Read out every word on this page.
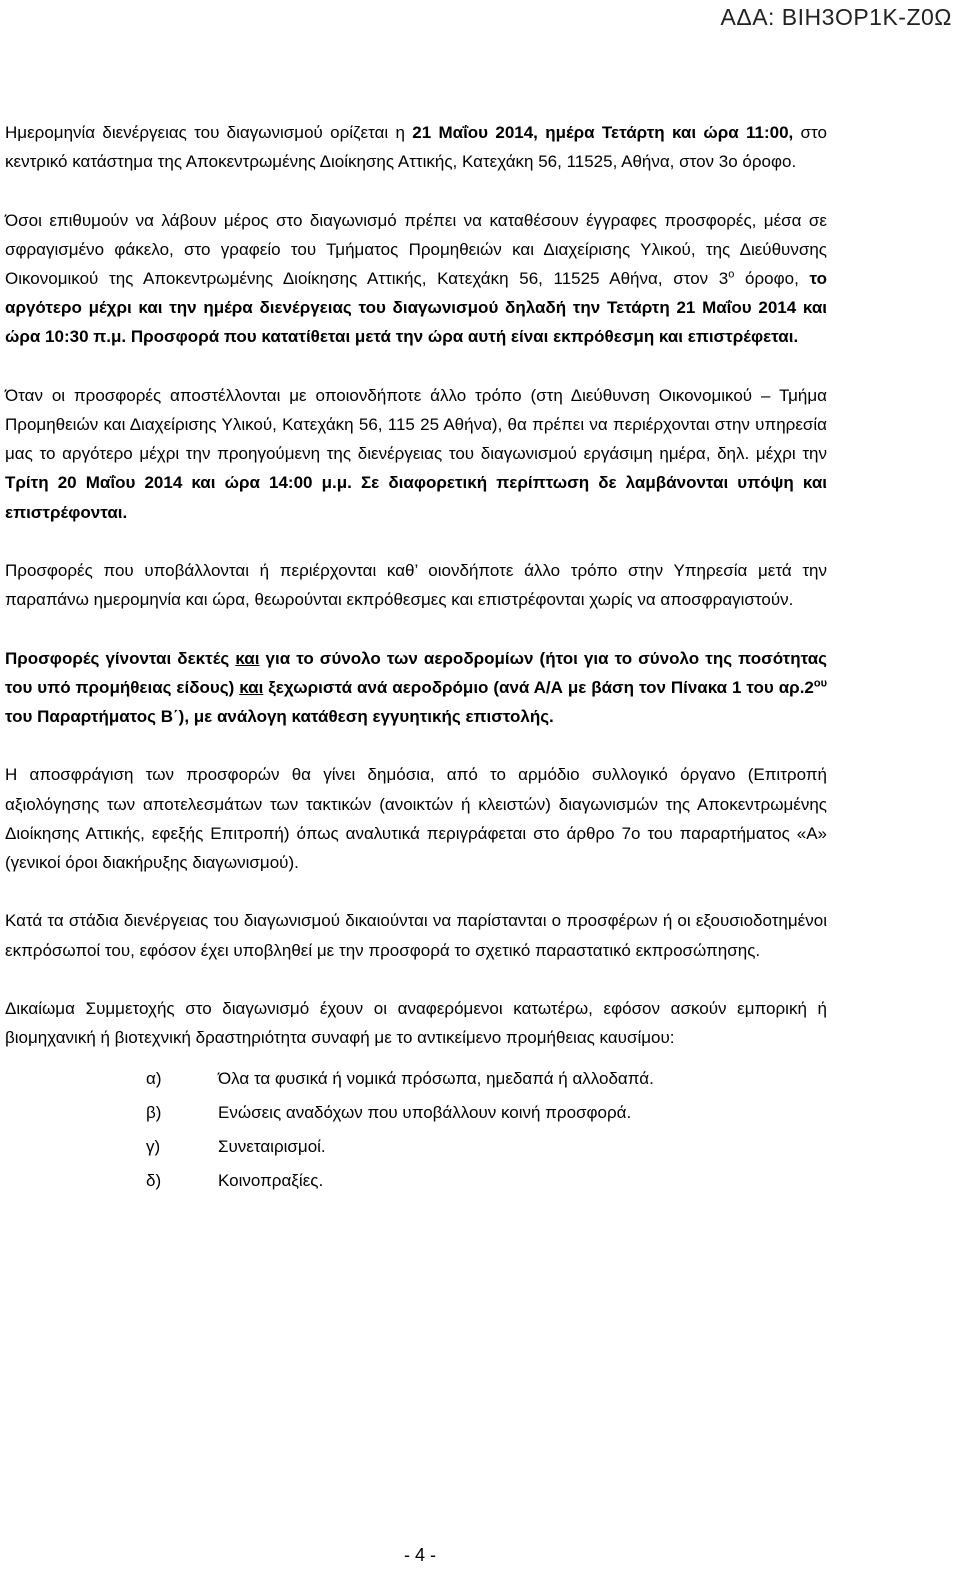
ΑΔΑ: ΒΙΗ3ΟΡ1Κ-Ζ0Ω

Ημερομηνία διενέργειας του διαγωνισμού ορίζεται η 21 Μαΐου 2014, ημέρα Τετάρτη και ώρα 11:00, στο κεντρικό κατάστημα της Αποκεντρωμένης Διοίκησης Αττικής, Κατεχάκη 56, 11525, Αθήνα, στον 3ο όροφο.

Όσοι επιθυμούν να λάβουν μέρος στο διαγωνισμό πρέπει να καταθέσουν έγγραφες προσφορές, μέσα σε σφραγισμένο φάκελο, στο γραφείο του Τμήματος Προμηθειών και Διαχείρισης Υλικού, της Διεύθυνσης Οικονομικού της Αποκεντρωμένης Διοίκησης Αττικής, Κατεχάκη 56, 11525 Αθήνα, στον $3^o$ όροφο, το αργότερο μέχρι και την ημέρα διενέργειας του διαγωνισμού δηλαδή την Τετάρτη 21 Μαΐου 2014 και ώρα 10:30 π.μ. Προσφορά που κατατίθεται μετά την ώρα αυτή είναι εκπρόθεσμη και επιστρέφεται.

Όταν οι προσφορές αποστέλλονται με οποιονδήποτε άλλο τρόπο (στη Διεύθυνση Οικονομικού – Τμήμα Προμηθειών και Διαχείρισης Υλικού, Κατεχάκη 56, 115 25 Αθήνα), θα πρέπει να περιέρχονται στην υπηρεσία μας το αργότερο μέχρι την προηγούμενη της διενέργειας του διαγωνισμού εργάσιμη ημέρα, δηλ. μέχρι την Τρίτη 20 Μαΐου 2014 και ώρα 14:00 μ.μ. Σε διαφορετική περίπτωση δε λαμβάνονται υπόψη και επιστρέφονται.

Προσφορές που υποβάλλονται ή περιέρχονται καθ’ οιονδήποτε άλλο τρόπο στην Υπηρεσία μετά την παραπάνω ημερομηνία και ώρα, θεωρούνται εκπρόθεσμες και επιστρέφονται χωρίς να αποσφραγιστούν.

Προσφορές γίνονται δεκτές και για το σύνολο των αεροδρομίων (ήτοι για το σύνολο της ποσότητας του υπό προμήθειας είδους) και ξεχωριστά ανά αεροδρόμιο (ανά Α/Α με βάση τον Πίνακα 1 του $\alpha\rho.2^{o\upsilon}$ του Παραρτήματος Β΄), με ανάλογη κατάθεση εγγυητικής επιστολής.

Η αποσφράγιση των προσφορών θα γίνει δημόσια, από το αρμόδιο συλλογικό όργανο (Επιτροπή αξιολόγησης των αποτελεσμάτων των τακτικών (ανοικτών ή κλειστών) διαγωνισμών της Αποκεντρωμένης Διοίκησης Αττικής, εφεξής Επιτροπή) όπως αναλυτικά περιγράφεται στο άρθρο 7ο του παραρτήματος «Α» (γενικοί όροι διακήρυξης διαγωνισμού).

Κατά τα στάδια διενέργειας του διαγωνισμού δικαιούνται να παρίστανται ο προσφέρων ή οι εξουσιοδοτημένοι εκπρόσωποί του, εφόσον έχει υποβληθεί με την προσφορά το σχετικό παραστατικό εκπροσώπησης.

Δικαίωμα Συμμετοχής στο διαγωνισμό έχουν οι αναφερόμενοι κατωτέρω, εφόσον ασκούν εμπορική ή βιομηχανική ή βιοτεχνική δραστηριότητα συναφή με το αντικείμενο προμήθειας καυσίμου:

α)	Όλα τα φυσικά ή νομικά πρόσωπα, ημεδαπά ή αλλοδαπά.
β)	Ενώσεις αναδόχων που υποβάλλουν κοινή προσφορά.
γ)	Συνεταιρισμοί.
δ)	Κοινοπραξίες.
- 4 -
